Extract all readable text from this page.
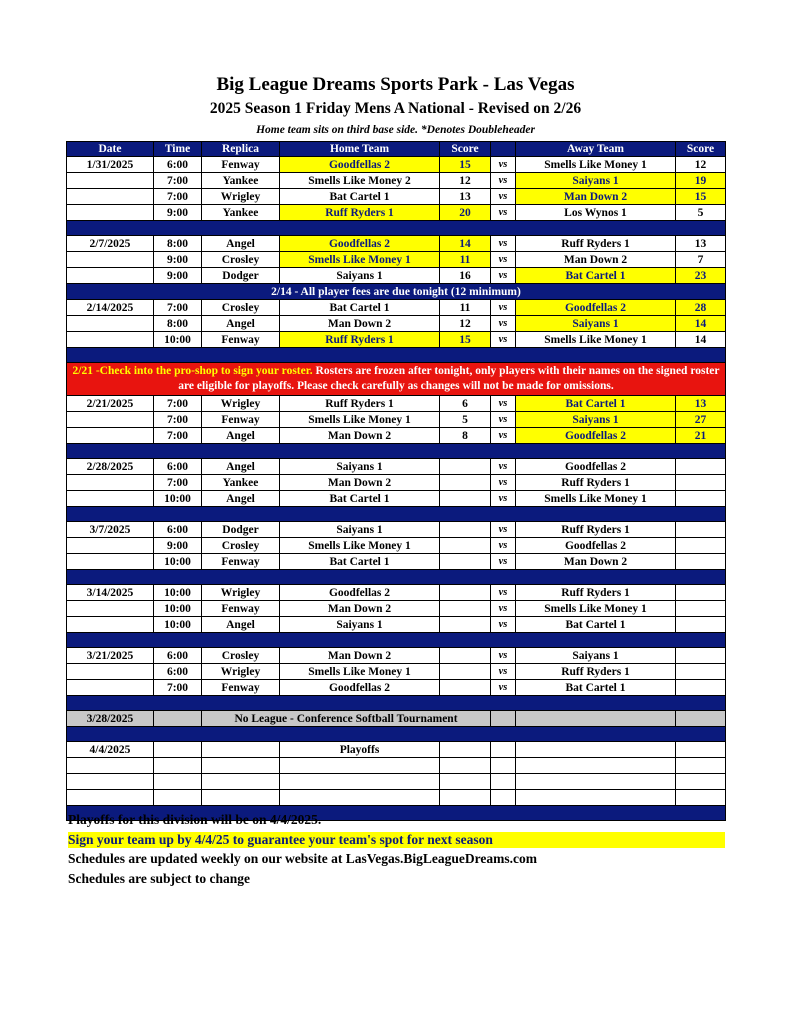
Big League Dreams Sports Park - Las Vegas
2025 Season 1 Friday Mens A National - Revised on 2/26
Home team sits on third base side. *Denotes Doubleheader
Date	Time	Replica	Home Team	Score		Away Team	Score
1/31/2025	6:00	Fenway	Goodfellas 2	15	vs	Smells Like Money 1	12
	7:00	Yankee	Smells Like Money 2	12	vs	Saiyans 1	19
	7:00	Wrigley	Bat Cartel 1	13	vs	Man Down 2	15
	9:00	Yankee	Ruff Ryders 1	20	vs	Los Wynos 1	5

2/7/2025	8:00	Angel	Goodfellas 2	14	vs	Ruff Ryders 1	13
	9:00	Crosley	Smells Like Money 1	11	vs	Man Down 2	7
	9:00	Dodger	Saiyans 1	16	vs	Bat Cartel 1	23
2/14 - All player fees are due tonight (12 minimum)							
2/14/2025	7:00	Crosley	Bat Cartel 1	11	vs	Goodfellas 2	28
	8:00	Angel	Man Down 2	12	vs	Saiyans 1	14
	10:00	Fenway	Ruff Ryders 1	15	vs	Smells Like Money 1	14

2/21 -Check into the pro-shop to sign your roster. Rosters are frozen after tonight, only players with their names on the signed roster are eligible for playoffs. Please check carefully as changes will not be made for omissions.							
2/21/2025	7:00	Wrigley	Ruff Ryders 1	6	vs	Bat Cartel 1	13
	7:00	Fenway	Smells Like Money 1	5	vs	Saiyans 1	27
	7:00	Angel	Man Down 2	8	vs	Goodfellas 2	21

2/28/2025	6:00	Angel	Saiyans 1		vs	Goodfellas 2	
	7:00	Yankee	Man Down 2		vs	Ruff Ryders 1	
	10:00	Angel	Bat Cartel 1		vs	Smells Like Money 1	

3/7/2025	6:00	Dodger	Saiyans 1		vs	Ruff Ryders 1	
	9:00	Crosley	Smells Like Money 1		vs	Goodfellas 2	
	10:00	Fenway	Bat Cartel 1		vs	Man Down 2	

3/14/2025	10:00	Wrigley	Goodfellas 2		vs	Ruff Ryders 1	
	10:00	Fenway	Man Down 2		vs	Smells Like Money 1	
	10:00	Angel	Saiyans 1		vs	Bat Cartel 1	

3/21/2025	6:00	Crosley	Man Down 2		vs	Saiyans 1	
	6:00	Wrigley	Smells Like Money 1		vs	Ruff Ryders 1	
	7:00	Fenway	Goodfellas 2		vs	Bat Cartel 1	

3/28/2025		No League - Conference Softball Tournament					

4/4/2025			Playoffs				

Playoffs for this division will be on 4/4/2025.
Sign your team up by 4/4/25 to guarantee your team's spot for next season
Schedules are updated weekly on our website at LasVegas.BigLeagueDreams.com
Schedules are subject to change
